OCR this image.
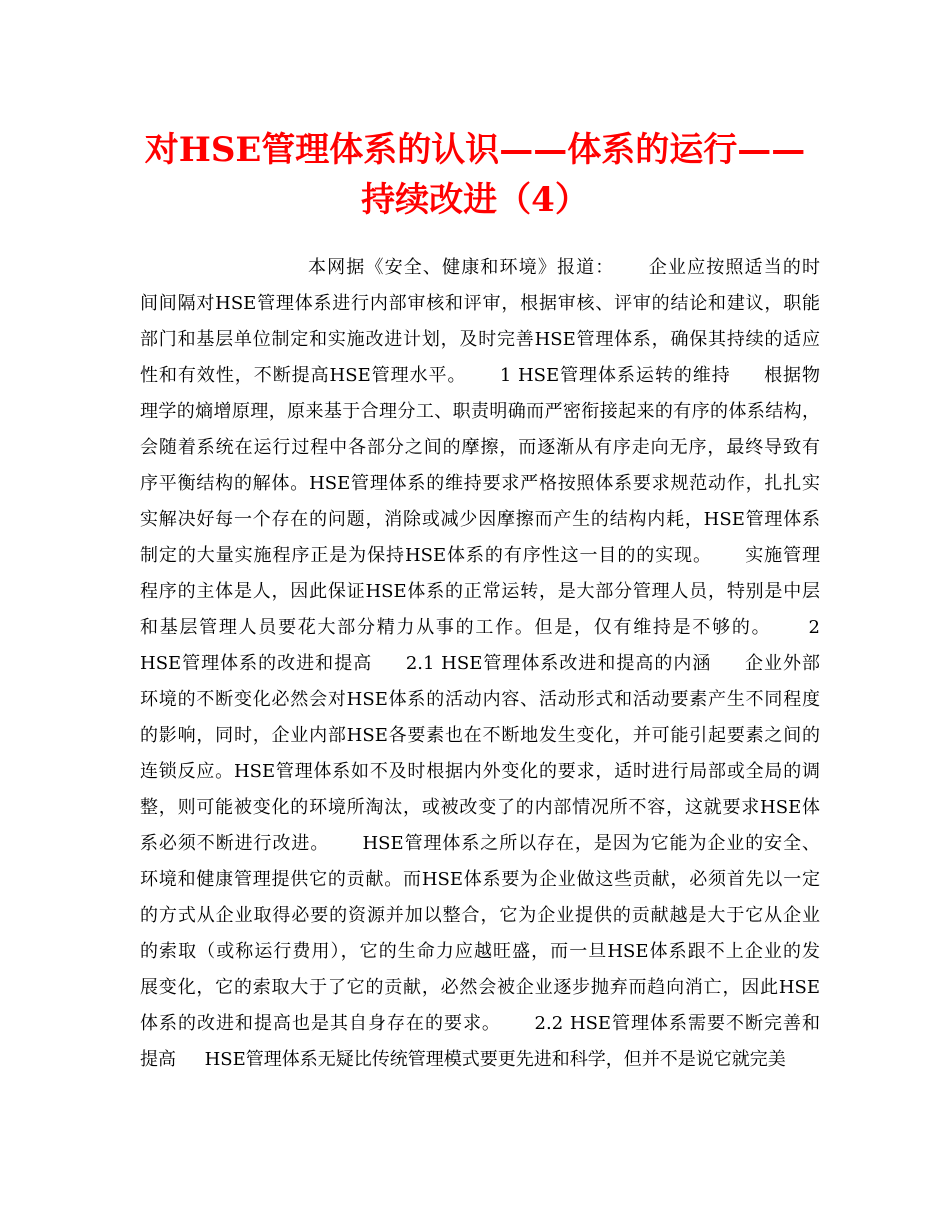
对HSE管理体系的认识——体系的运行——
持续改进（4）
本网据《安全、健康和环境》报道：     企业应按照适当的时
间间隔对HSE管理体系进行内部审核和评审，根据审核、评审的结论和建议，职能
部门和基层单位制定和实施改进计划，及时完善HSE管理体系，确保其持续的适应
性和有效性，不断提高HSE管理水平。     1 HSE管理体系运转的维持     根据物
理学的熵增原理，原来基于合理分工、职责明确而严密衔接起来的有序的体系结构，
会随着系统在运行过程中各部分之间的摩擦，而逐渐从有序走向无序，最终导致有
序平衡结构的解体。HSE管理体系的维持要求严格按照体系要求规范动作，扎扎实
实解决好每一个存在的问题，消除或减少因摩擦而产生的结构内耗，HSE管理体系
制定的大量实施程序正是为保持HSE体系的有序性这一目的的实现。     实施管理
程序的主体是人，因此保证HSE体系的正常运转，是大部分管理人员，特别是中层
和基层管理人员要花大部分精力从事的工作。但是，仅有维持是不够的。     2
HSE管理体系的改进和提高     2.1 HSE管理体系改进和提高的内涵     企业外部
环境的不断变化必然会对HSE体系的活动内容、活动形式和活动要素产生不同程度
的影响，同时，企业内部HSE各要素也在不断地发生变化，并可能引起要素之间的
连锁反应。HSE管理体系如不及时根据内外变化的要求，适时进行局部或全局的调
整，则可能被变化的环境所淘汰，或被改变了的内部情况所不容，这就要求HSE体
系必须不断进行改进。     HSE管理体系之所以存在，是因为它能为企业的安全、
环境和健康管理提供它的贡献。而HSE体系要为企业做这些贡献，必须首先以一定
的方式从企业取得必要的资源并加以整合，它为企业提供的贡献越是大于它从企业
的索取（或称运行费用），它的生命力应越旺盛，而一旦HSE体系跟不上企业的发
展变化，它的索取大于了它的贡献，必然会被企业逐步抛弃而趋向消亡，因此HSE
体系的改进和提高也是其自身存在的要求。     2.2 HSE管理体系需要不断完善和
提高     HSE管理体系无疑比传统管理模式要更先进和科学，但并不是说它就完美
